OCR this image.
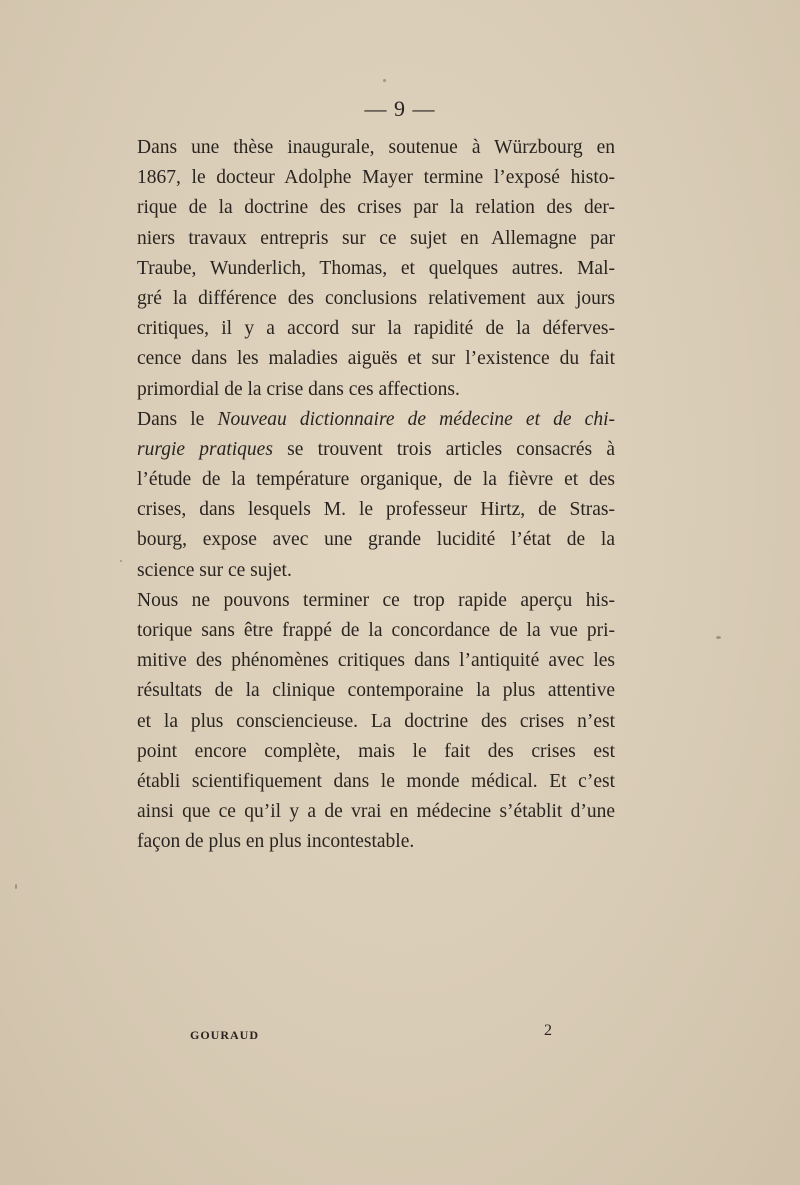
— 9 —
Dans une thèse inaugurale, soutenue à Würzbourg en
1867, le docteur Adolphe Mayer termine l’exposé histo-
rique de la doctrine des crises par la relation des der-
niers travaux entrepris sur ce sujet en Allemagne par
Traube, Wunderlich, Thomas, et quelques autres. Mal-
gré la différence des conclusions relativement aux jours
critiques, il y a accord sur la rapidité de la déferves-
cence dans les maladies aiguës et sur l’existence du fait
primordial de la crise dans ces affections.
Dans le Nouveau dictionnaire de médecine et de chi-
rurgie pratiques se trouvent trois articles consacrés à
l’étude de la température organique, de la fièvre et des
crises, dans lesquels M. le professeur Hirtz, de Stras-
bourg, expose avec une grande lucidité l’état de la
science sur ce sujet.
Nous ne pouvons terminer ce trop rapide aperçu his-
torique sans être frappé de la concordance de la vue pri-
mitive des phénomènes critiques dans l’antiquité avec les
résultats de la clinique contemporaine la plus attentive
et la plus consciencieuse. La doctrine des crises n’est
point encore complète, mais le fait des crises est
établi scientifiquement dans le monde médical. Et c’est
ainsi que ce qu’il y a de vrai en médecine s’établit d’une
façon de plus en plus incontestable.
GOURAUD	2
